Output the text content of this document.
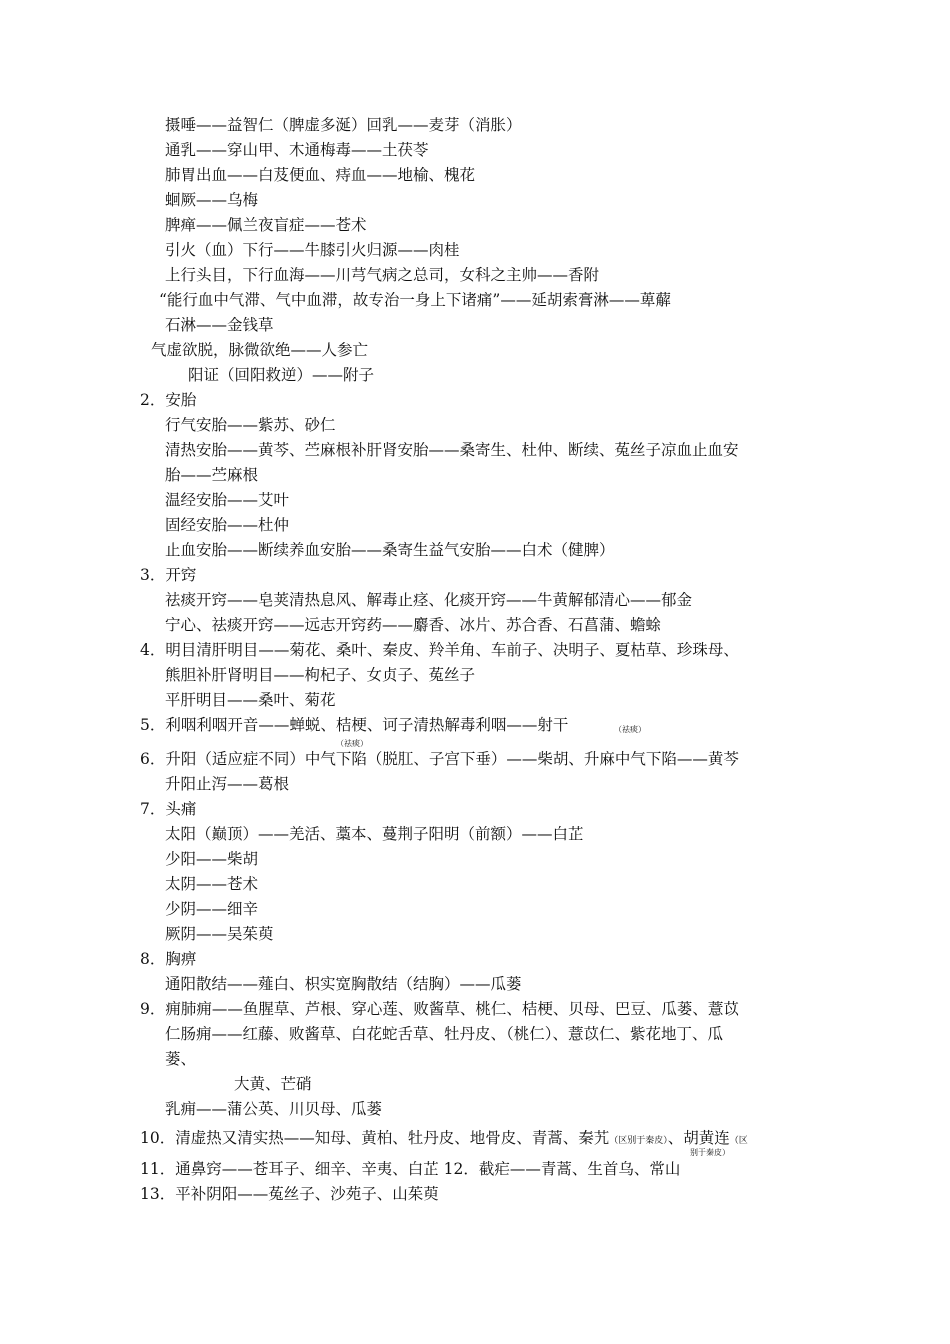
摄唾——益智仁（脾虚多涎）回乳——麦芽（消胀）
通乳——穿山甲、木通梅毒——土茯苓
肺胃出血——白芨便血、痔血——地榆、槐花
蛔厥——乌梅
脾瘅——佩兰夜盲症——苍术
引火（血）下行——牛膝引火归源——肉桂
上行头目，下行血海——川芎气病之总司，女科之主帅——香附
“能行血中气滞、气中血滞，故专治一身上下诸痛”——延胡索膏淋——萆薢
石淋——金钱草
气虚欲脱，脉微欲绝——人参亡
阳证（回阳救逆）——附子
2．安胎
行气安胎——紫苏、砂仁
清热安胎——黄芩、苎麻根补肝肾安胎——桑寄生、杜仲、断续、菟丝子凉血止血安
胎——苎麻根
温经安胎——艾叶
固经安胎——杜仲
止血安胎——断续养血安胎——桑寄生益气安胎——白术（健脾）
3．开窍
祛痰开窍——皂荚清热息风、解毒止痉、化痰开窍——牛黄解郁清心——郁金
宁心、祛痰开窍——远志开窍药——麝香、冰片、苏合香、石菖蒲、蟾蜍
4．明目清肝明目——菊花、桑叶、秦皮、羚羊角、车前子、决明子、夏枯草、珍珠母、
熊胆补肝肾明目——枸杞子、女贞子、菟丝子
平肝明目——桑叶、菊花
5．利咽利咽开音——蝉蜕、桔梗、诃子清热解毒利咽——射干	（祛痰）
（祛痰）
6．升阳（适应症不同）中气下陷（脱肛、子宫下垂）——柴胡、升麻中气下陷——黄芩
升阳止泻——葛根
7．头痛
太阳（巅顶）——羌活、藁本、蔓荆子阳明（前额）——白芷
少阳——柴胡
太阴——苍术
少阴——细辛
厥阴——吴茱萸
8．胸痹
通阳散结——薤白、枳实宽胸散结（结胸）——瓜蒌
9．痈肺痈——鱼腥草、芦根、穿心莲、败酱草、桃仁、桔梗、贝母、巴豆、瓜蒌、薏苡
仁肠痈——红藤、败酱草、白花蛇舌草、牡丹皮、（桃仁）、薏苡仁、紫花地丁、瓜
蒌、
大黄、芒硝
乳痈——蒲公英、川贝母、瓜蒌
10．清虚热又清实热——知母、黄柏、牡丹皮、地骨皮、青蒿、秦艽（区别于秦皮）、胡黄连（区
别于秦皮）
11．通鼻窍——苍耳子、细辛、辛夷、白芷 12．截疟——青蒿、生首乌、常山
13．平补阴阳——菟丝子、沙苑子、山茱萸
